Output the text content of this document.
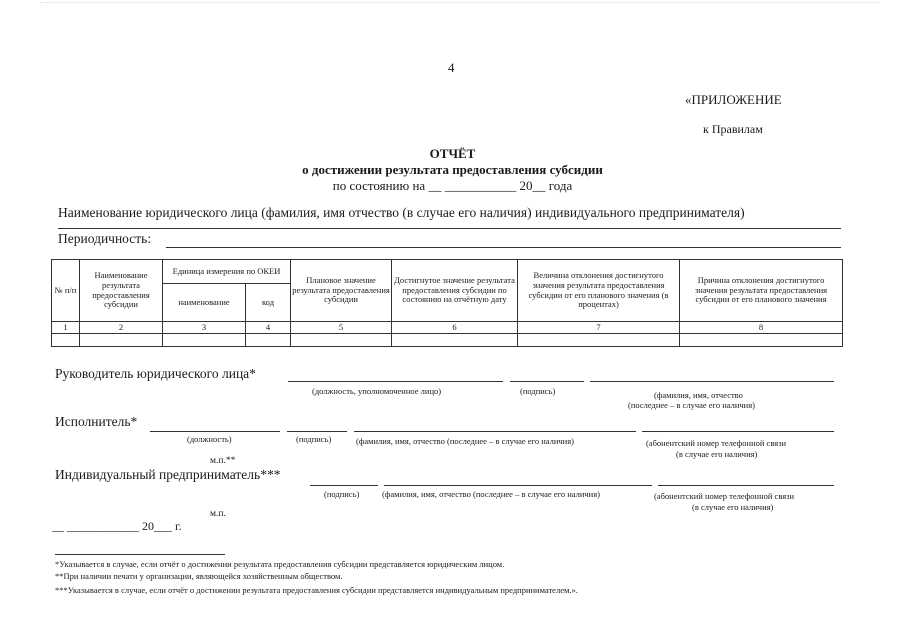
4
«ПРИЛОЖЕНИЕ
к Правилам
ОТЧЁТ
о достижении результата предоставления субсидии
по состоянию на __ ___________ 20__ года
Наименование юридического лица (фамилия, имя отчество (в случае его наличия) индивидуального предпринимателя)
Периодичность:
№ п/п	Наименование результата предоставления субсидии	Единица измерения по ОКЕИ		Плановое значение результата предоставления субсидии	Достигнутое значение результата предоставления субсидии по состоянию на отчётную дату	Величина отклонения достигнутого значения результата предоставления субсидии от его планового значения (в процентах)	Причина отклонения достигнутого значения результата предоставления субсидии от его планового значения
		наименование	код				
1	2	3	4	5	6	7	8

Руководитель юридического лица*
(должность, уполномоченное лицо)	(подпись)	(фамилия, имя, отчество
(последнее – в случае его наличия)
Исполнитель*
(должность)	(подпись)	(фамилия, имя, отчество (последнее – в случае его наличия)	(абонентский номер телефонной связи
(в случае его наличия)
м.п.**
Индивидуальный предприниматель***
(подпись)	(фамилия, имя, отчество (последнее – в случае его наличия)	(абонентский номер телефонной связи
(в случае его наличия)
м.п.
__ ____________ 20___ г.
*Указывается в случае, если отчёт о достижении результата предоставления субсидии представляется юридическим лицом.
**При наличии печати у организации, являющейся хозяйственным обществом.
***Указывается в случае, если отчёт о достижении результата предоставления субсидии представляется индивидуальным предпринимателем.».
